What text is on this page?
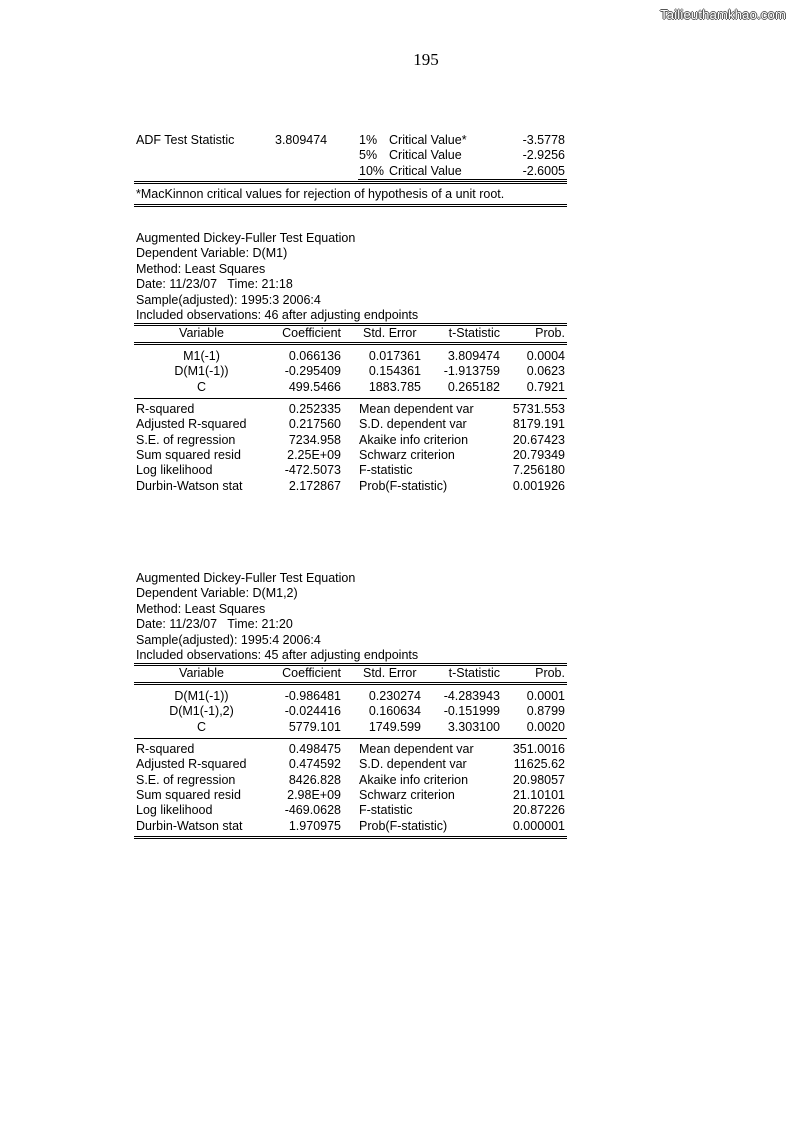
Tailieuthamkhao.com
195
ADF Test Statistic	3.809474	1% Critical Value*	-3.5778
5% Critical Value	-2.9256
10% Critical Value	-2.6005
*MacKinnon critical values for rejection of hypothesis of a unit root.
Augmented Dickey-Fuller Test Equation
Dependent Variable: D(M1)
Method: Least Squares
Date: 11/23/07   Time: 21:18
Sample(adjusted): 1995:3 2006:4
Included observations: 46 after adjusting endpoints
Variable	Coefficient Std. Error	t-Statistic	Prob.
M1(-1)	0.066136 0.017361 3.809474 0.0004
D(M1(-1))	-0.295409 0.154361 -1.913759 0.0623
C	499.5466 1883.785 0.265182 0.7921
R-squared	0.252335 Mean dependent var	5731.553
Adjusted R-squared	0.217560 S.D. dependent var	8179.191
S.E. of regression	7234.958 Akaike info criterion	20.67423
Sum squared resid	2.25E+09 Schwarz criterion	20.79349
Log likelihood	-472.5073 F-statistic	7.256180
Durbin-Watson stat	2.172867 Prob(F-statistic)	0.001926
Augmented Dickey-Fuller Test Equation
Dependent Variable: D(M1,2)
Method: Least Squares
Date: 11/23/07   Time: 21:20
Sample(adjusted): 1995:4 2006:4
Included observations: 45 after adjusting endpoints
Variable	Coefficient Std. Error	t-Statistic	Prob.
D(M1(-1))	-0.986481 0.230274 -4.283943 0.0001
D(M1(-1),2)	-0.024416 0.160634 -0.151999 0.8799
C	5779.101 1749.599 3.303100 0.0020
R-squared	0.498475 Mean dependent var	351.0016
Adjusted R-squared	0.474592 S.D. dependent var	11625.62
S.E. of regression	8426.828 Akaike info criterion	20.98057
Sum squared resid	2.98E+09 Schwarz criterion	21.10101
Log likelihood	-469.0628 F-statistic	20.87226
Durbin-Watson stat	1.970975 Prob(F-statistic)	0.000001
